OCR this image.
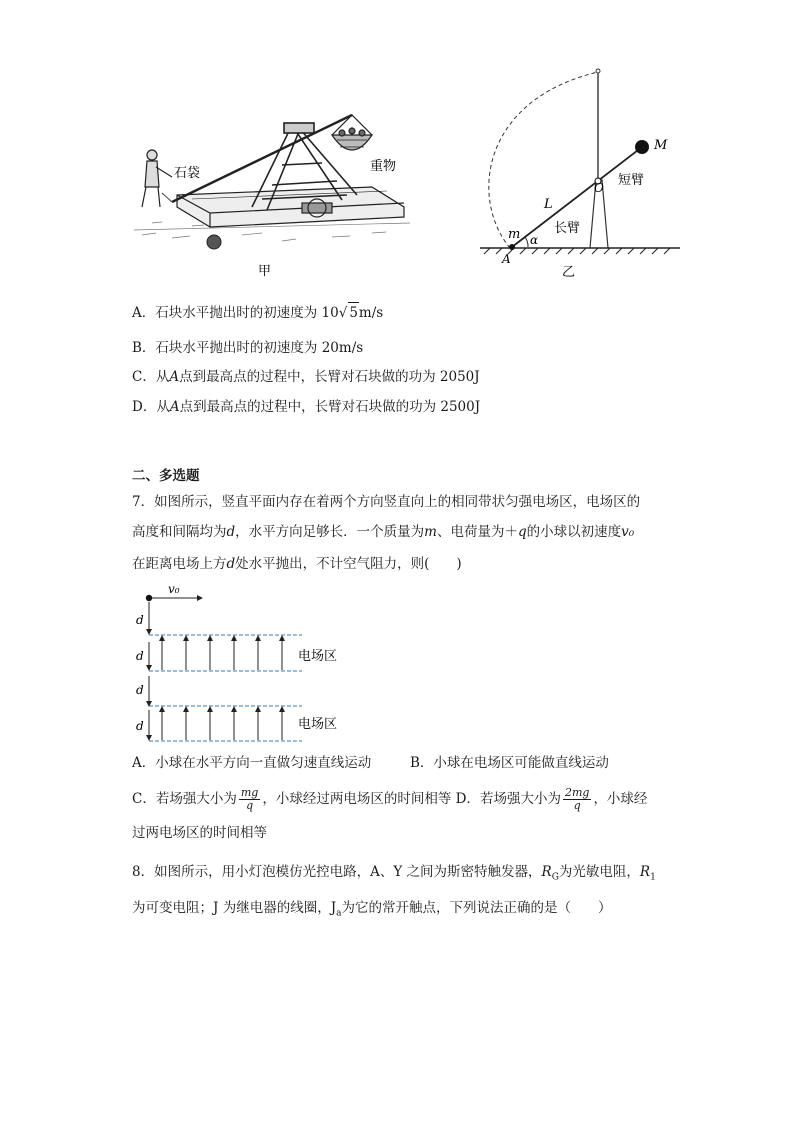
石袋	重物
甲
M
O 短臂
L
长臂
m α
A
乙
A．石块水平抛出时的初速度为 10√ 5m/s
B．石块水平抛出时的初速度为 20m/s
C．从A点到最高点的过程中，长臂对石块做的功为 2050J
D．从A点到最高点的过程中，长臂对石块做的功为 2500J
二、多选题
7．如图所示，竖直平面内存在着两个方向竖直向上的相同带状匀强电场区，电场区的
高度和间隔均为d，水平方向足够长．一个质量为m、电荷量为＋q的小球以初速度v₀
在距离电场上方d处水平抛出，不计空气阻力，则(　　)
v₀
d
d
d
d
电场区
电场区
A．小球在水平方向一直做匀速直线运动	B．小球在电场区可能做直线运动
C．若场强大小为 $\frac{mg}{q}$ ，小球经过两电场区的时间相等 D．若场强大小为 $\frac{2mg}{q}$ ，小球经
过两电场区的时间相等
8．如图所示，用小灯泡模仿光控电路，A、Y 之间为斯密特触发器，$R_G$为光敏电阻，$R_1$
为可变电阻；J 为继电器的线圈，$J_a$为它的常开触点，下列说法正确的是（　　）
